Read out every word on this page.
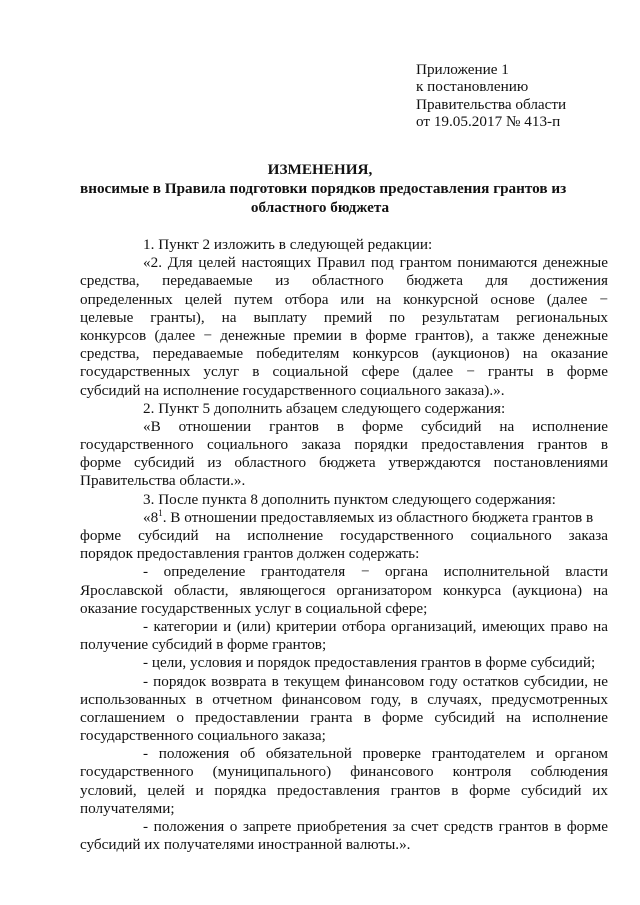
Приложение 1
к постановлению
Правительства области
от 19.05.2017 № 413-п
ИЗМЕНЕНИЯ,
вносимые в Правила подготовки порядков предоставления грантов из
областного бюджета
1. Пункт 2 изложить в следующей редакции:
«2. Для целей настоящих Правил под грантом понимаются денежные
средства, передаваемые из областного бюджета для достижения
определенных целей путем отбора или на конкурсной основе (далее −
целевые гранты), на выплату премий по результатам региональных
конкурсов (далее − денежные премии в форме грантов), а также денежные
средства, передаваемые победителям конкурсов (аукционов) на оказание
государственных услуг в социальной сфере (далее − гранты в форме
субсидий на исполнение государственного социального заказа).».
2. Пункт 5 дополнить абзацем следующего содержания:
«В отношении грантов в форме субсидий на исполнение
государственного социального заказа порядки предоставления грантов в
форме субсидий из областного бюджета утверждаются постановлениями
Правительства области.».
3. После пункта 8 дополнить пунктом следующего содержания:
«$8^1$. В отношении предоставляемых из областного бюджета грантов в
форме субсидий на исполнение государственного социального заказа
порядок предоставления грантов должен содержать:
- определение грантодателя − органа исполнительной власти
Ярославской области, являющегося организатором конкурса (аукциона) на
оказание государственных услуг в социальной сфере;
- категории и (или) критерии отбора организаций, имеющих право на
получение субсидий в форме грантов;
- цели, условия и порядок предоставления грантов в форме субсидий;
- порядок возврата в текущем финансовом году остатков субсидии, не
использованных в отчетном финансовом году, в случаях, предусмотренных
соглашением о предоставлении гранта в форме субсидий на исполнение
государственного социального заказа;
- положения об обязательной проверке грантодателем и органом
государственного (муниципального) финансового контроля соблюдения
условий, целей и порядка предоставления грантов в форме субсидий их
получателями;
- положения о запрете приобретения за счет средств грантов в форме
субсидий их получателями иностранной валюты.».
